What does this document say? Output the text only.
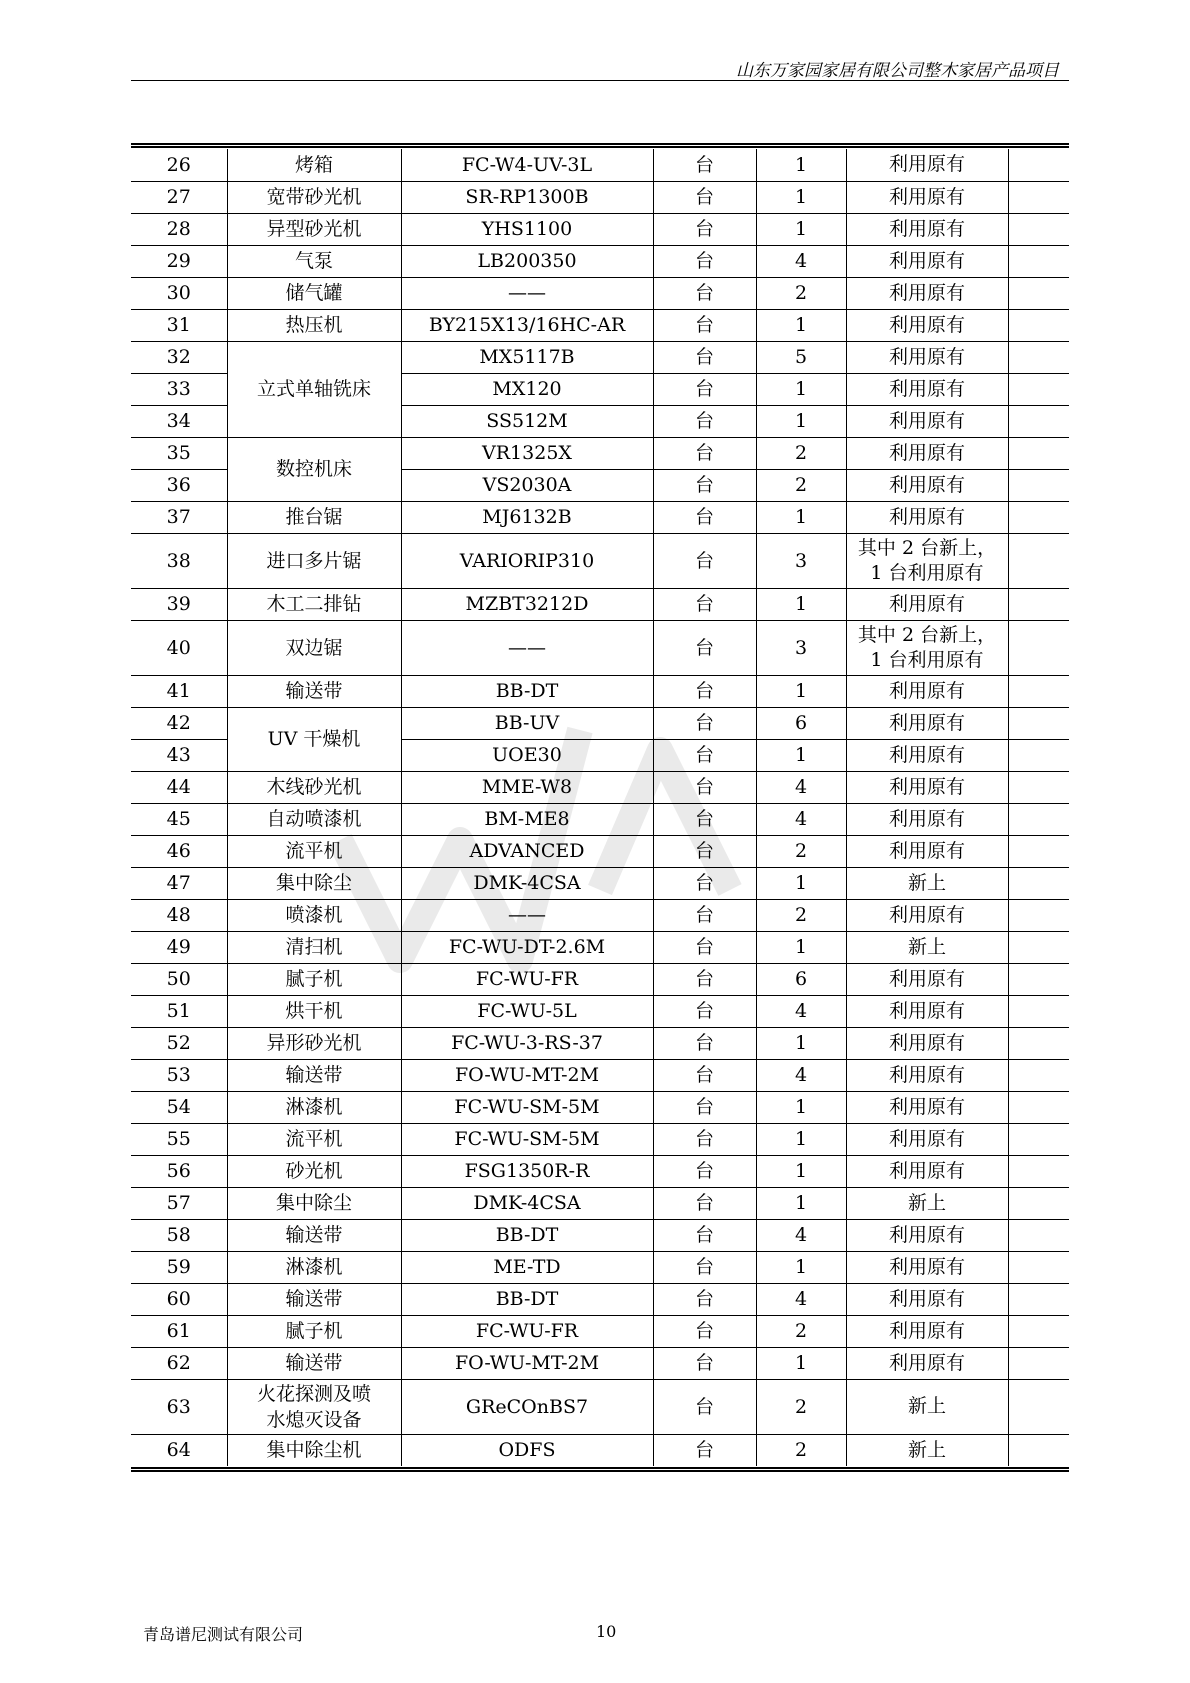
山东万家园家居有限公司整木家居产品项目
26	烤箱	FC-W4-UV-3L	台	1	利用原有	
27	宽带砂光机	SR-RP1300B	台	1	利用原有	
28	异型砂光机	YHS1100	台	1	利用原有	
29	气泵	LB200350	台	4	利用原有	
30	储气罐	——	台	2	利用原有	
31	热压机	BY215X13/16HC-AR	台	1	利用原有	
32	立式单轴铣床	MX5117B	台	5	利用原有	
33		MX120	台	1	利用原有	
34		SS512M	台	1	利用原有	
35	数控机床	VR1325X	台	2	利用原有	
36		VS2030A	台	2	利用原有	
37	推台锯	MJ6132B	台	1	利用原有	
38	进口多片锯	VARIORIP310	台	3	其中 2 台新上，
1 台利用原有	

39	木工二排钻	MZBT3212D	台	1	利用原有	
40	双边锯	——	台	3	其中 2 台新上，
1 台利用原有	

41	输送带	BB-DT	台	1	利用原有	
42	UV 干燥机	BB-UV	台	6	利用原有	
43		UOE30	台	1	利用原有	
44	木线砂光机	MME-W8	台	4	利用原有	
45	自动喷漆机	BM-ME8	台	4	利用原有	
46	流平机	ADVANCED	台	2	利用原有	
47	集中除尘	DMK-4CSA	台	1	新上	
48	喷漆机	——	台	2	利用原有	
49	清扫机	FC-WU-DT-2.6M	台	1	新上	
50	腻子机	FC-WU-FR	台	6	利用原有	
51	烘干机	FC-WU-5L	台	4	利用原有	
52	异形砂光机	FC-WU-3-RS-37	台	1	利用原有	
53	输送带	FO-WU-MT-2M	台	4	利用原有	
54	淋漆机	FC-WU-SM-5M	台	1	利用原有	
55	流平机	FC-WU-SM-5M	台	1	利用原有	
56	砂光机	FSG1350R-R	台	1	利用原有	
57	集中除尘	DMK-4CSA	台	1	新上	
58	输送带	BB-DT	台	4	利用原有	
59	淋漆机	ME-TD	台	1	利用原有	
60	输送带	BB-DT	台	4	利用原有	
61	腻子机	FC-WU-FR	台	2	利用原有	
62	输送带	FO-WU-MT-2M	台	1	利用原有	
63	火花探测及喷
水熄灭设备	GReCOnBS7	台	2	新上	
64	集中除尘机	ODFS	台	2	新上	
青岛谱尼测试有限公司	10
